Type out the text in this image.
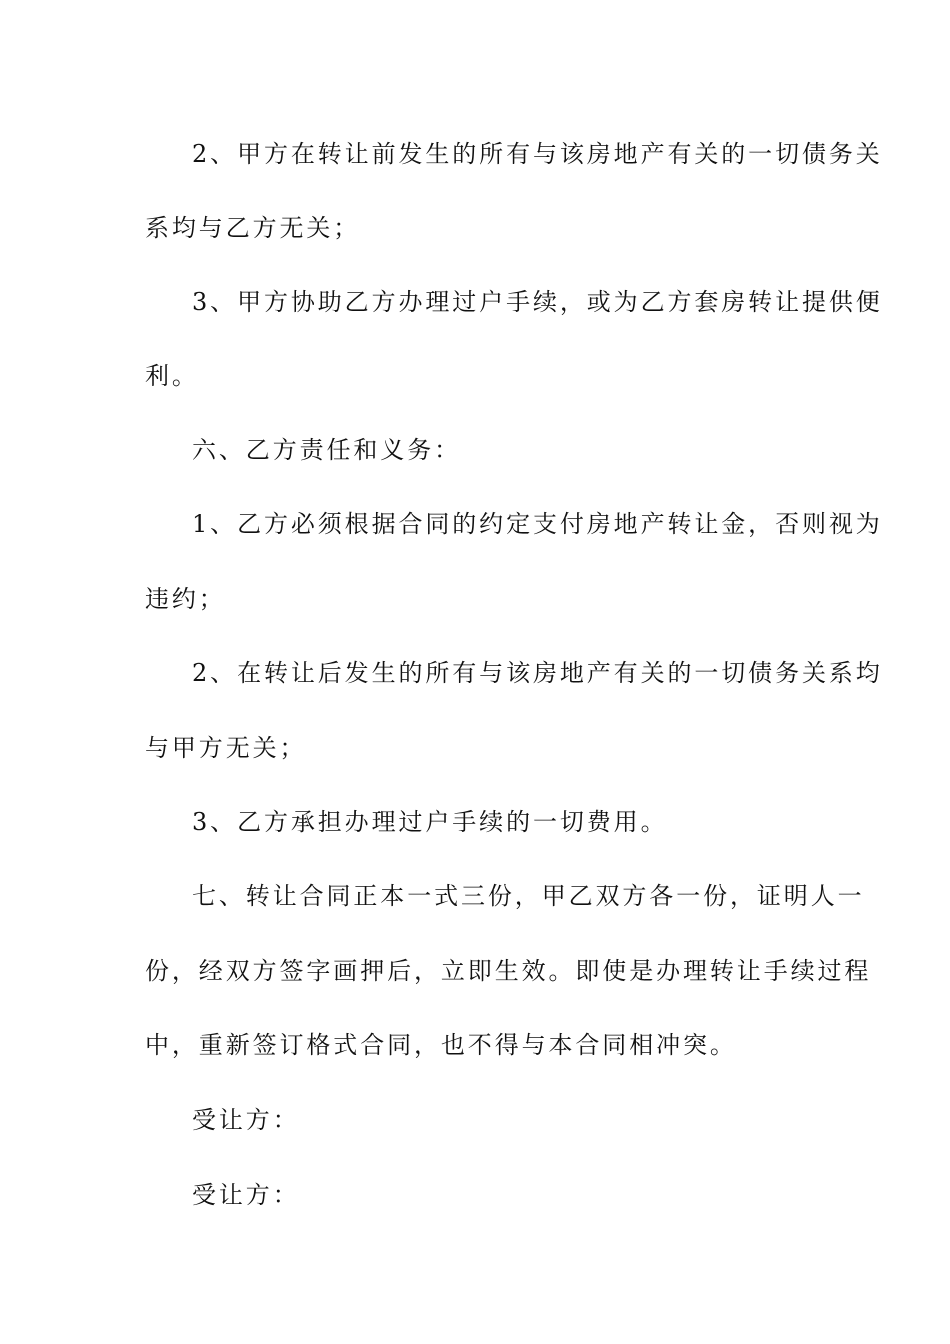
2、甲方在转让前发生的所有与该房地产有关的一切债务关

系均与乙方无关；

3、甲方协助乙方办理过户手续，或为乙方套房转让提供便

利。

六、乙方责任和义务：

1、乙方必须根据合同的约定支付房地产转让金，否则视为

违约；

2、在转让后发生的所有与该房地产有关的一切债务关系均

与甲方无关；

3、乙方承担办理过户手续的一切费用。

七、转让合同正本一式三份，甲乙双方各一份，证明人一

份，经双方签字画押后，立即生效。即使是办理转让手续过程

中，重新签订格式合同，也不得与本合同相冲突。

受让方：

受让方：
